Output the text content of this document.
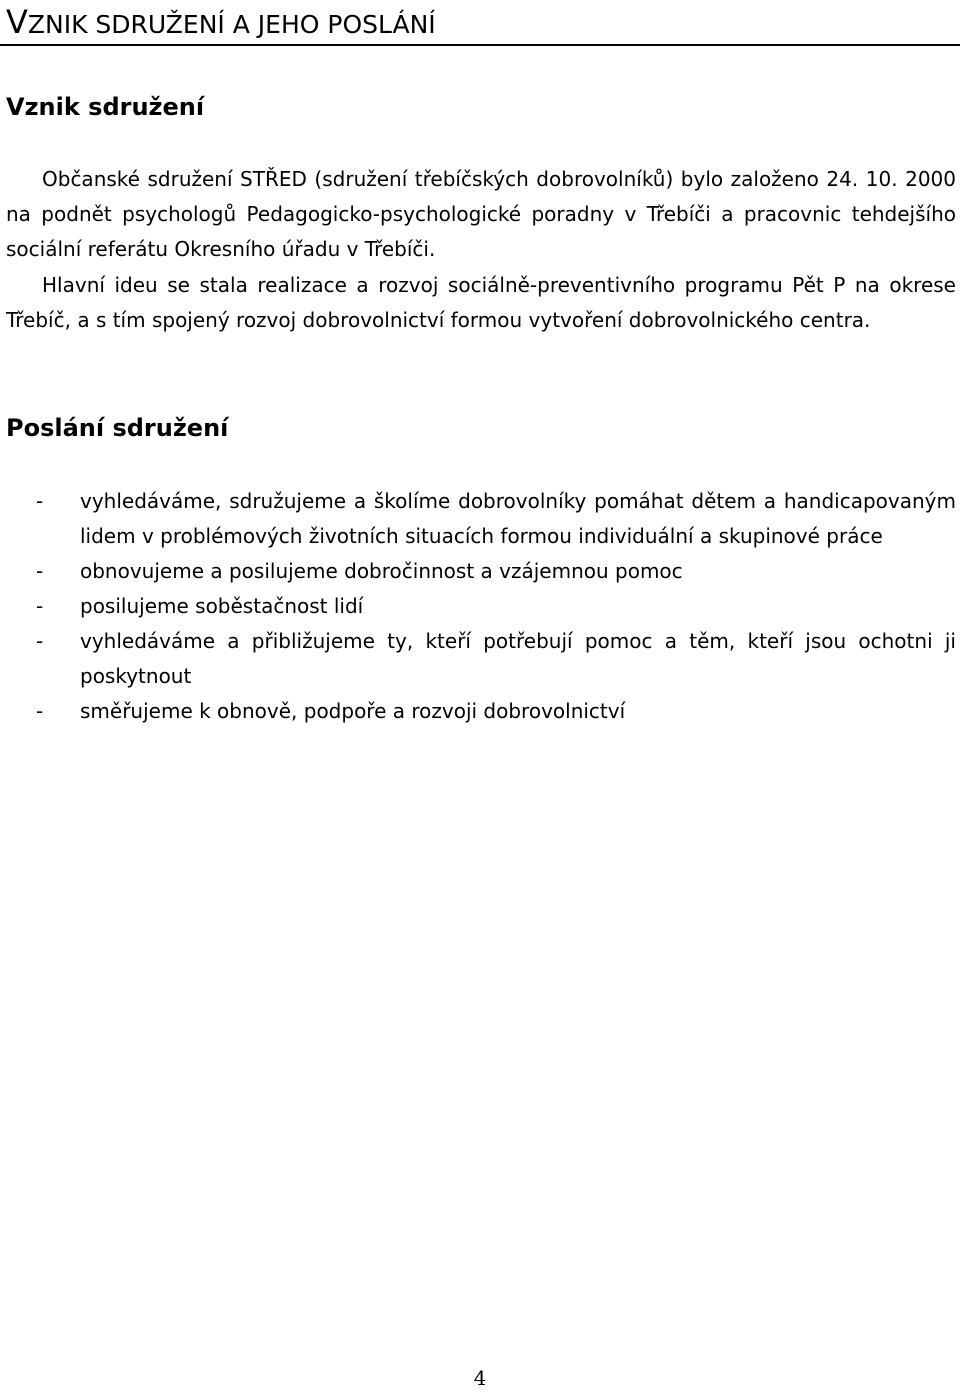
VZNIK SDRUŽENÍ A JEHO POSLÁNÍ
Vznik sdružení

Občanské sdružení STŘED (sdružení třebíčských dobrovolníků) bylo založeno 24. 10. 2000 na podnět psychologů Pedagogicko-psychologické poradny v Třebíči a pracovnic tehdejšího sociální referátu Okresního úřadu v Třebíči.

Hlavní ideu se stala realizace a rozvoj sociálně-preventivního programu Pět P na okrese Třebíč, a s tím spojený rozvoj dobrovolnictví formou vytvoření dobrovolnického centra.

Poslání sdružení
- vyhledáváme, sdružujeme a školíme dobrovolníky pomáhat dětem a handicapovaným lidem v problémových životních situacích formou individuální a skupinové práce
- obnovujeme a posilujeme dobročinnost a vzájemnou pomoc
- posilujeme soběstačnost lidí
- vyhledáváme a přibližujeme ty, kteří potřebují pomoc a těm, kteří jsou ochotni ji poskytnout
- směřujeme k obnově, podpoře a rozvoji dobrovolnictví
4
